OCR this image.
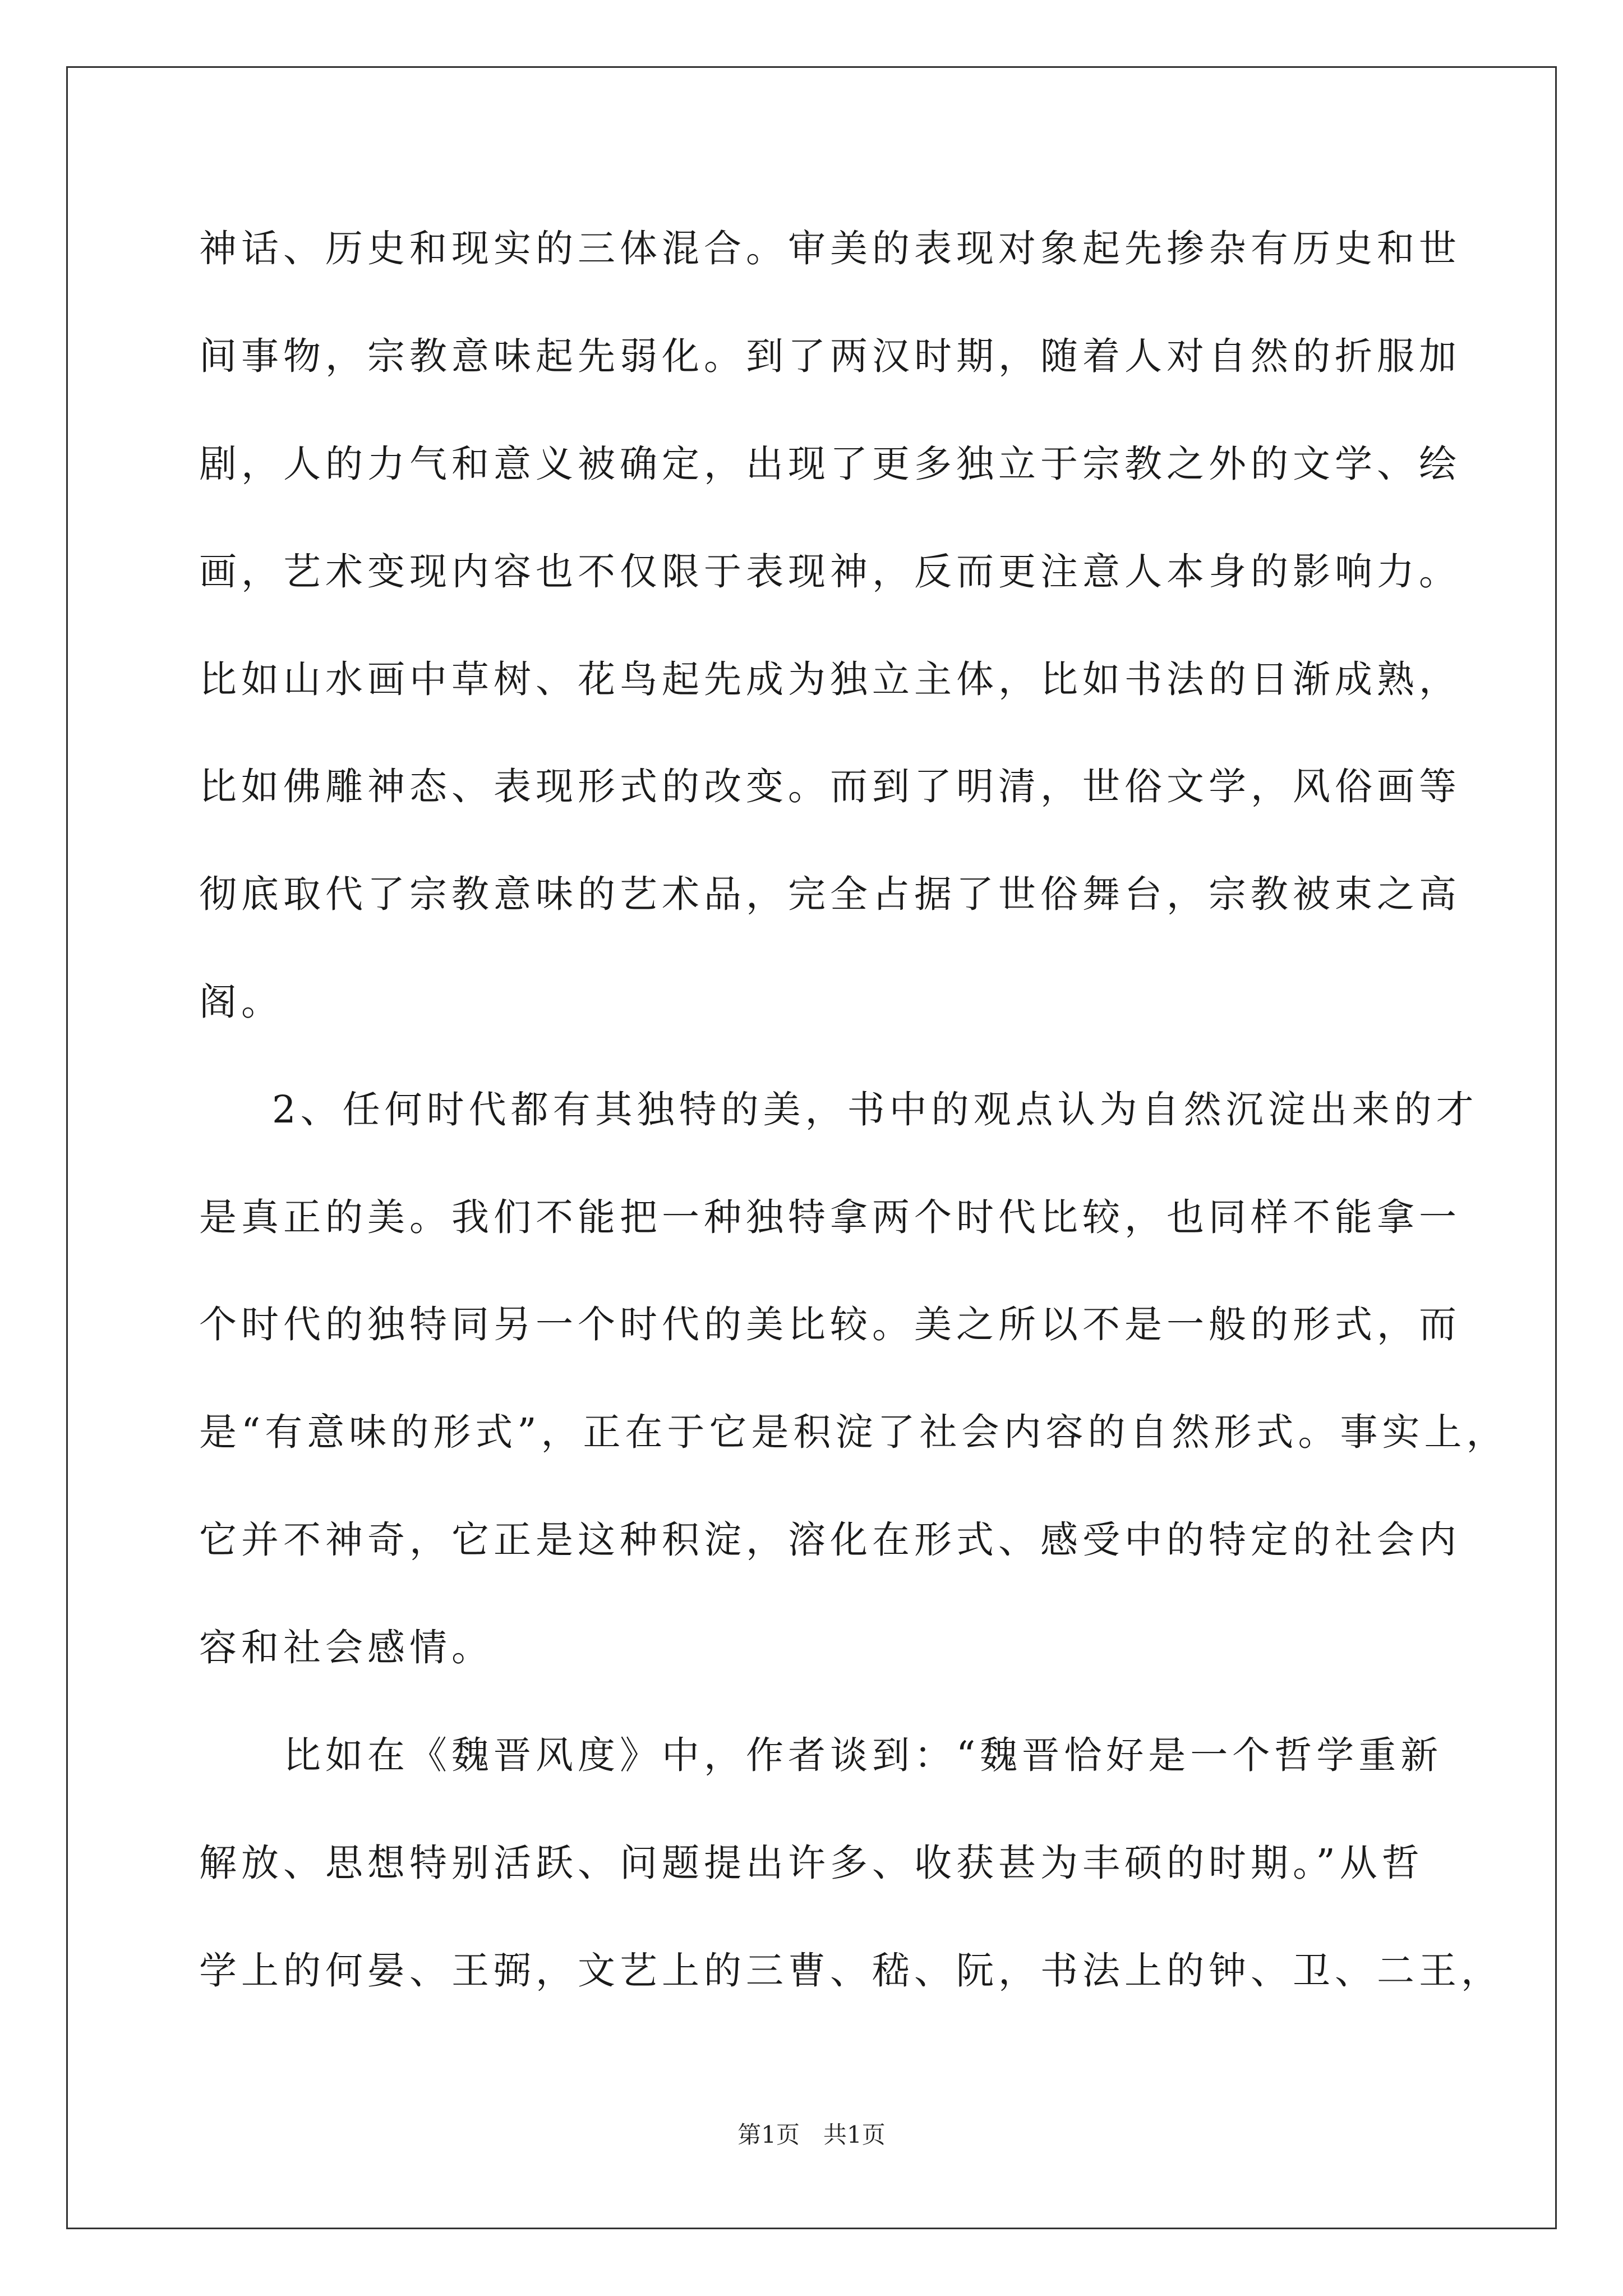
神话、历史和现实的三体混合。审美的表现对象起先掺杂有历史和世
间事物，宗教意味起先弱化。到了两汉时期，随着人对自然的折服加
剧，人的力气和意义被确定，出现了更多独立于宗教之外的文学、绘
画，艺术变现内容也不仅限于表现神，反而更注意人本身的影响力。
比如山水画中草树、花鸟起先成为独立主体，比如书法的日渐成熟，
比如佛雕神态、表现形式的改变。而到了明清，世俗文学，风俗画等
彻底取代了宗教意味的艺术品，完全占据了世俗舞台，宗教被束之高
阁。
2、任何时代都有其独特的美，书中的观点认为自然沉淀出来的才
是真正的美。我们不能把一种独特拿两个时代比较，也同样不能拿一
个时代的独特同另一个时代的美比较。美之所以不是一般的形式，而
是“有意味的形式”，正在于它是积淀了社会内容的自然形式。事实上，
它并不神奇，它正是这种积淀，溶化在形式、感受中的特定的社会内
容和社会感情。
比如在《魏晋风度》中，作者谈到：“魏晋恰好是一个哲学重新
解放、思想特别活跃、问题提出许多、收获甚为丰硕的时期。”从哲
学上的何晏、王弼，文艺上的三曹、嵇、阮，书法上的钟、卫、二王，
第1页　共1页
